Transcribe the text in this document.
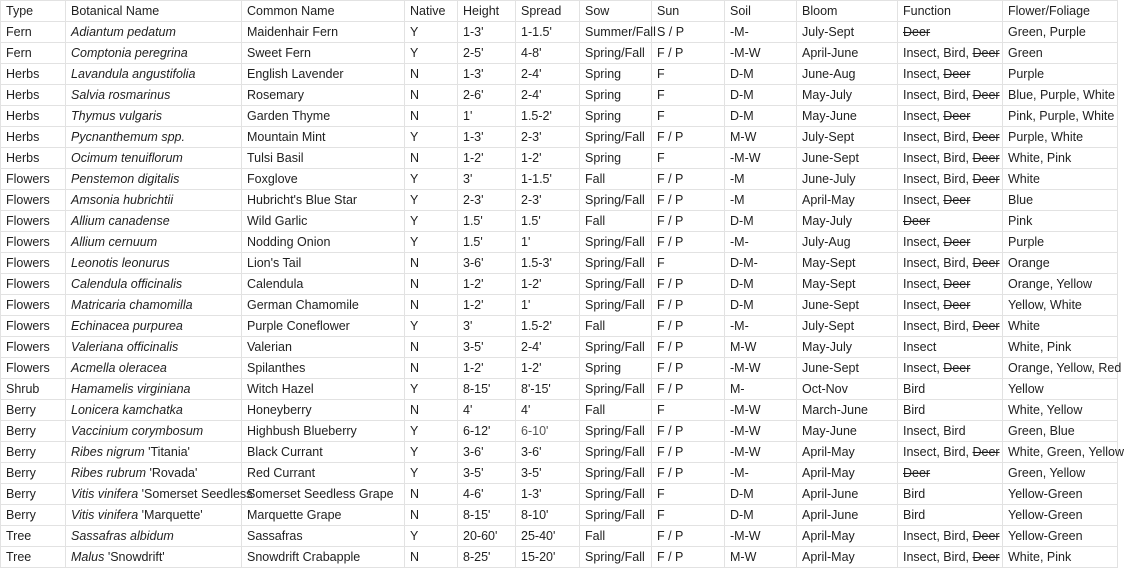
Type	Botanical Name	Common Name	Native	Height	Spread	Sow	Sun	Soil	Bloom	Function	Flower/Foliage
Fern	Adiantum pedatum	Maidenhair Fern	Y	1-3'	1-1.5'	Summer/Fall	S / P	-M-	July-Sept	Deer	Green, Purple
Fern	Comptonia peregrina	Sweet Fern	Y	2-5'	4-8'	Spring/Fall	F / P	-M-W	April-June	Insect, Bird, Deer	Green
Herbs	Lavandula angustifolia	English Lavender	N	1-3'	2-4'	Spring	F	D-M	June-Aug	Insect, Deer	Purple
Herbs	Salvia rosmarinus	Rosemary	N	2-6'	2-4'	Spring	F	D-M	May-July	Insect, Bird, Deer	Blue, Purple, White
Herbs	Thymus vulgaris	Garden Thyme	N	1'	1.5-2'	Spring	F	D-M	May-June	Insect, Deer	Pink, Purple, White
Herbs	Pycnanthemum spp.	Mountain Mint	Y	1-3'	2-3'	Spring/Fall	F / P	M-W	July-Sept	Insect, Bird, Deer	Purple, White
Herbs	Ocimum tenuiflorum	Tulsi Basil	N	1-2'	1-2'	Spring	F	-M-W	June-Sept	Insect, Bird, Deer	White, Pink
Flowers	Penstemon digitalis	Foxglove	Y	3'	1-1.5'	Fall	F / P	-M	June-July	Insect, Bird, Deer	White
Flowers	Amsonia hubrichtii	Hubricht's Blue Star	Y	2-3'	2-3'	Spring/Fall	F / P	-M	April-May	Insect, Deer	Blue
Flowers	Allium canadense	Wild Garlic	Y	1.5'	1.5'	Fall	F / P	D-M	May-July	Deer	Pink
Flowers	Allium cernuum	Nodding Onion	Y	1.5'	1'	Spring/Fall	F / P	-M-	July-Aug	Insect, Deer	Purple
Flowers	Leonotis leonurus	Lion's Tail	N	3-6'	1.5-3'	Spring/Fall	F	D-M-	May-Sept	Insect, Bird, Deer	Orange
Flowers	Calendula officinalis	Calendula	N	1-2'	1-2'	Spring/Fall	F / P	D-M	May-Sept	Insect, Deer	Orange, Yellow
Flowers	Matricaria chamomilla	German Chamomile	N	1-2'	1'	Spring/Fall	F / P	D-M	June-Sept	Insect, Deer	Yellow, White
Flowers	Echinacea purpurea	Purple Coneflower	Y	3'	1.5-2'	Fall	F / P	-M-	July-Sept	Insect, Bird, Deer	White
Flowers	Valeriana officinalis	Valerian	N	3-5'	2-4'	Spring/Fall	F / P	M-W	May-July	Insect	White, Pink
Flowers	Acmella oleracea	Spilanthes	N	1-2'	1-2'	Spring	F / P	-M-W	June-Sept	Insect, Deer	Orange, Yellow, Red
Shrub	Hamamelis virginiana	Witch Hazel	Y	8-15'	8'-15'	Spring/Fall	F / P	M-	Oct-Nov	Bird	Yellow
Berry	Lonicera kamchatka	Honeyberry	N	4'	4'	Fall	F	-M-W	March-June	Bird	White, Yellow
Berry	Vaccinium corymbosum	Highbush Blueberry	Y	6-12'	6-10'	Spring/Fall	F / P	-M-W	May-June	Insect, Bird	Green, Blue
Berry	Ribes nigrum 'Titania'	Black Currant	Y	3-6'	3-6'	Spring/Fall	F / P	-M-W	April-May	Insect, Bird, Deer	White, Green, Yellow
Berry	Ribes rubrum 'Rovada'	Red Currant	Y	3-5'	3-5'	Spring/Fall	F / P	-M-	April-May	Deer	Green, Yellow
Berry	Vitis vinifera 'Somerset Seedless'	Somerset Seedless Grape	N	4-6'	1-3'	Spring/Fall	F	D-M	April-June	Bird	Yellow-Green
Berry	Vitis vinifera 'Marquette'	Marquette Grape	N	8-15'	8-10'	Spring/Fall	F	D-M	April-June	Bird	Yellow-Green
Tree	Sassafras albidum	Sassafras	Y	20-60'	25-40'	Fall	F / P	-M-W	April-May	Insect, Bird, Deer	Yellow-Green
Tree	Malus 'Snowdrift'	Snowdrift Crabapple	N	8-25'	15-20'	Spring/Fall	F / P	M-W	April-May	Insect, Bird, Deer	White, Pink
